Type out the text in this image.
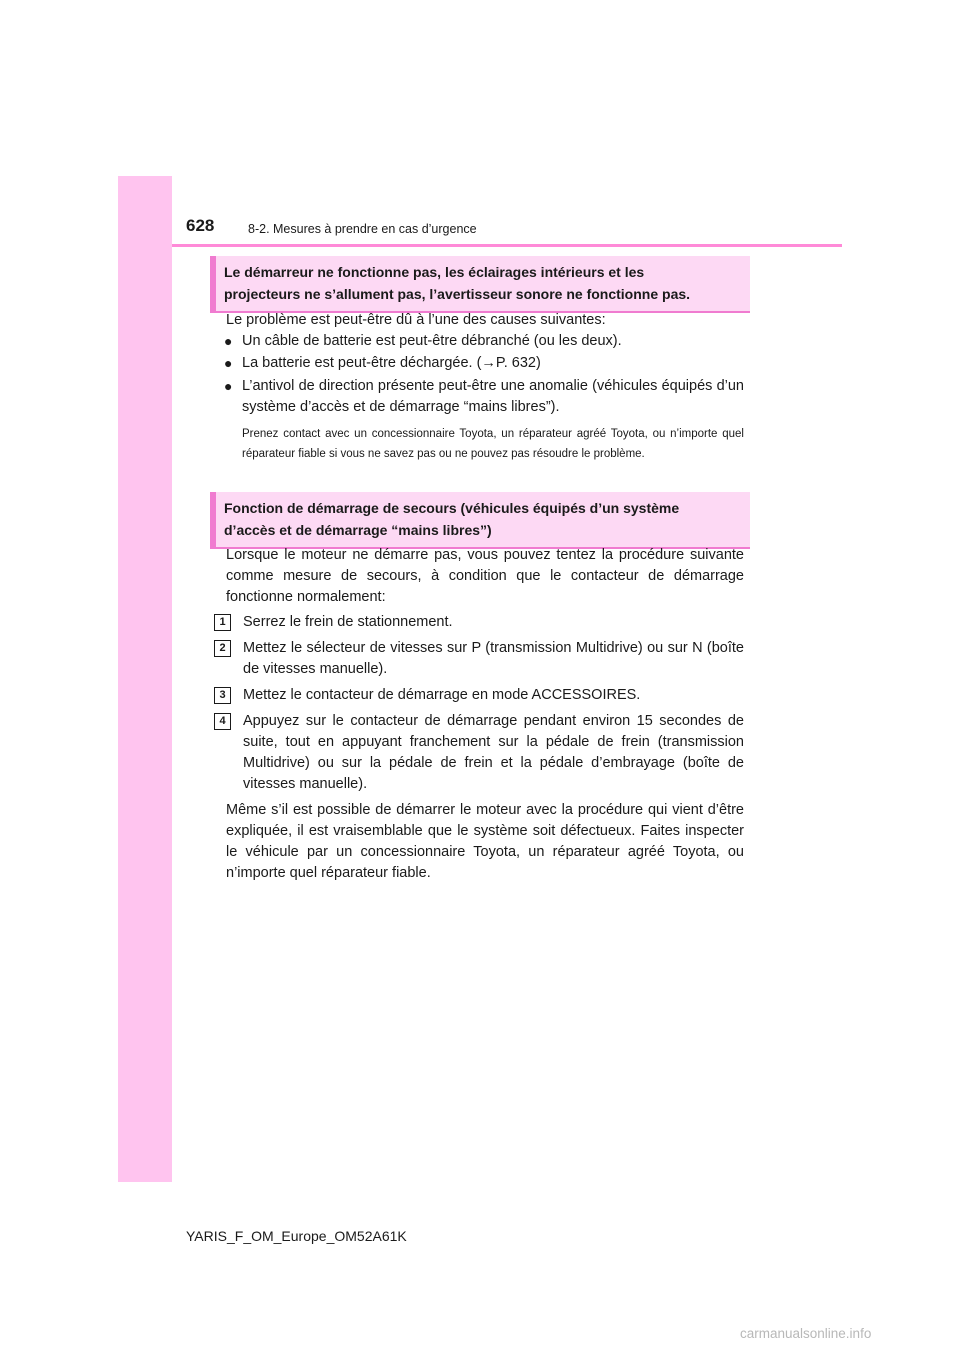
628	8-2. Mesures à prendre en cas d’urgence
Le démarreur ne fonctionne pas, les éclairages intérieurs et les
projecteurs ne s’allument pas, l’avertisseur sonore ne fonctionne pas.

Le problème est peut-être dû à l’une des causes suivantes:

● Un câble de batterie est peut-être débranché (ou les deux).
● La batterie est peut-être déchargée. (→P. 632)
● L’antivol de direction présente peut-être une anomalie (véhicules équipés d’un système d’accès et de démarrage “mains libres”).

Prenez contact avec un concessionnaire Toyota, un réparateur agréé Toyota, ou n’importe quel réparateur fiable si vous ne savez pas ou ne pouvez pas résoudre le problème.

Fonction de démarrage de secours (véhicules équipés d’un système
d’accès et de démarrage “mains libres”)

Lorsque le moteur ne démarre pas, vous pouvez tentez la procédure suivante comme mesure de secours, à condition que le contacteur de démarrage fonctionne normalement:

1	Serrez le frein de stationnement.
2	Mettez le sélecteur de vitesses sur P (transmission Multidrive) ou sur N (boîte de vitesses manuelle).
3	Mettez le contacteur de démarrage en mode ACCESSOIRES.
4	Appuyez sur le contacteur de démarrage pendant environ 15 secondes de suite, tout en appuyant franchement sur la pédale de frein (transmission Multidrive) ou sur la pédale de frein et la pédale d’embrayage (boîte de vitesses manuelle).

Même s’il est possible de démarrer le moteur avec la procédure qui vient d’être expliquée, il est vraisemblable que le système soit défectueux. Faites inspecter le véhicule par un concessionnaire Toyota, un réparateur agréé Toyota, ou n’importe quel réparateur fiable.

YARIS_F_OM_Europe_OM52A61K
carmanualsonline.info
